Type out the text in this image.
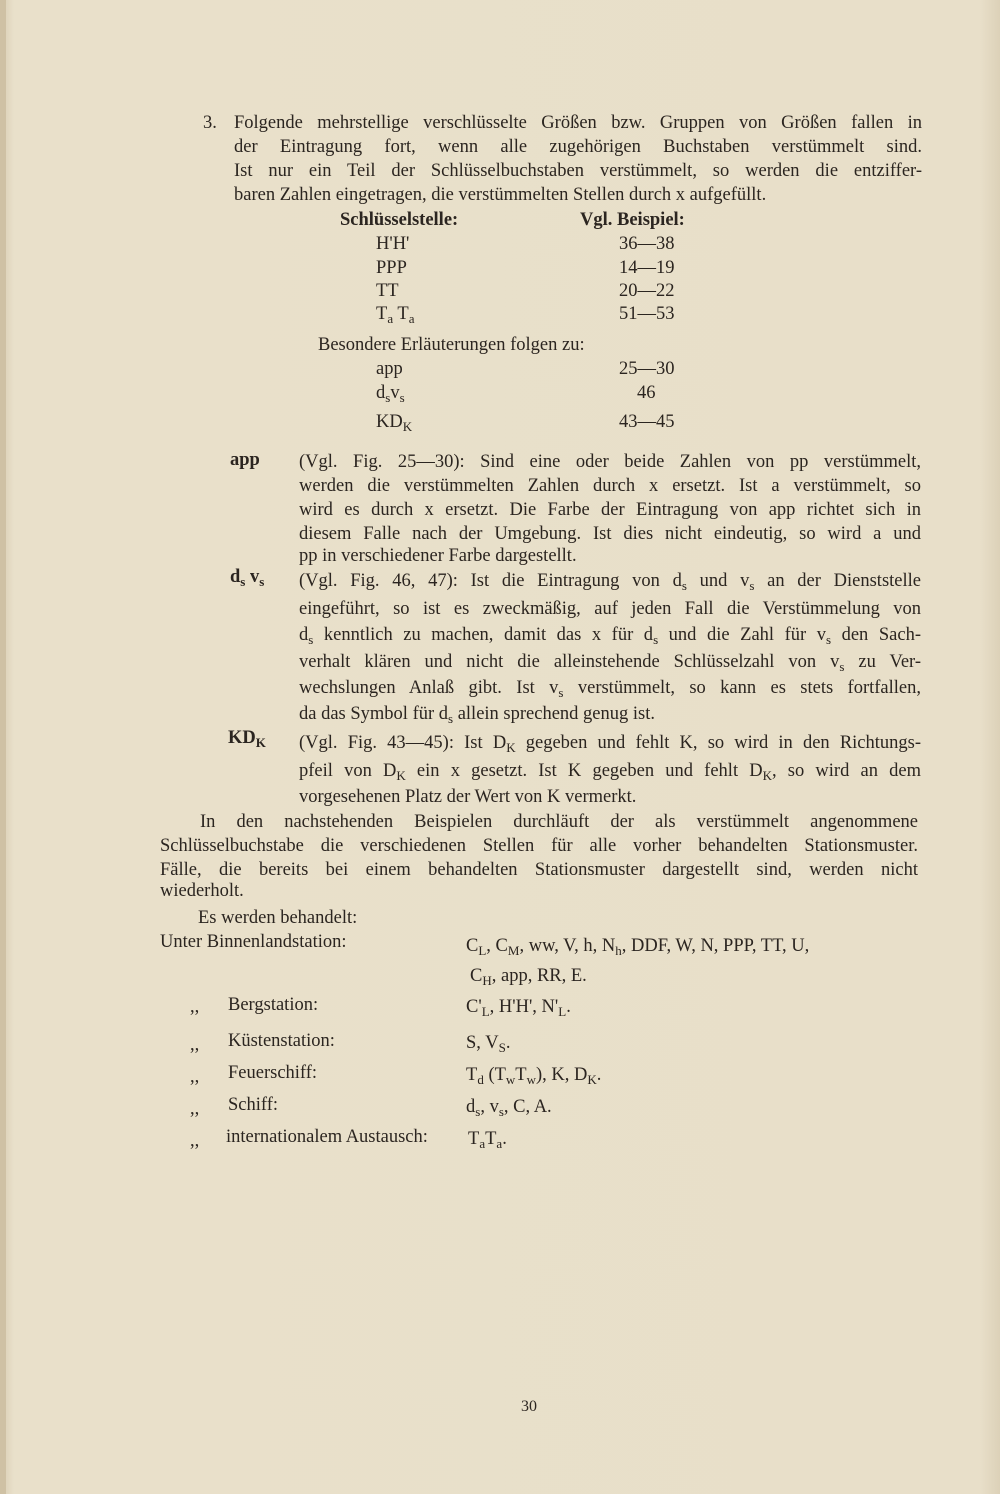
3. Folgende mehrstellige verschlüsselte Größen bzw. Gruppen von Größen fallen in
der Eintragung fort, wenn alle zugehörigen Buchstaben verstümmelt sind.
Ist nur ein Teil der Schlüsselbuchstaben verstümmelt, so werden die entziffer-
baren Zahlen eingetragen, die verstümmelten Stellen durch x aufgefüllt.
Schlüsselstelle:	Vgl. Beispiel:
H'H'	36—38
PPP	14—19
TT	20—22
$T_a$ $T_a$	51—53
Besondere Erläuterungen folgen zu:
app	25—30
$d_sv_s$	46
$KD_K$	43—45
app (Vgl. Fig. 25—30): Sind eine oder beide Zahlen von pp verstümmelt,
werden die verstümmelten Zahlen durch x ersetzt. Ist a verstümmelt, so
wird es durch x ersetzt. Die Farbe der Eintragung von app richtet sich in
diesem Falle nach der Umgebung. Ist dies nicht eindeutig, so wird a und
pp in verschiedener Farbe dargestellt.
$d_s$ $v_s$ (Vgl. Fig. 46, 47): Ist die Eintragung von $d_s$ und $v_s$ an der Dienststelle
eingeführt, so ist es zweckmäßig, auf jeden Fall die Verstümmelung von
$d_s$ kenntlich zu machen, damit das x für $d_s$ und die Zahl für $v_s$ den Sach-
verhalt klären und nicht die alleinstehende Schlüsselzahl von $v_s$ zu Ver-
wechslungen Anlaß gibt. Ist $v_s$ verstümmelt, so kann es stets fortfallen,
da das Symbol für $d_s$ allein sprechend genug ist.
$KD_K$ (Vgl. Fig. 43—45): Ist $D_K$ gegeben und fehlt K, so wird in den Richtungs-
pfeil von $D_K$ ein x gesetzt. Ist K gegeben und fehlt $D_K$, so wird an dem
vorgesehenen Platz der Wert von K vermerkt.
In den nachstehenden Beispielen durchläuft der als verstümmelt angenommene
Schlüsselbuchstabe die verschiedenen Stellen für alle vorher behandelten Stationsmuster.
Fälle, die bereits bei einem behandelten Stationsmuster dargestellt sind, werden nicht
wiederholt.
Es werden behandelt:
Unter Binnenlandstation:	$C_L$, $C_M$, ww, V, h, $N_h$, DDF, W, N, PPP, TT, U,
$C_H$, app, RR, E.
,, Bergstation:	$C'_L$, H'H', $N'_L$.
,, Küstenstation:	S, $V_S$.
,, Feuerschiff:	$T_d$ $(T_wT_w)$, K, $D_K$.
,, Schiff:	$d_s$, $v_s$, C, A.
,, internationalem Austausch: $T_aT_a$.
30
